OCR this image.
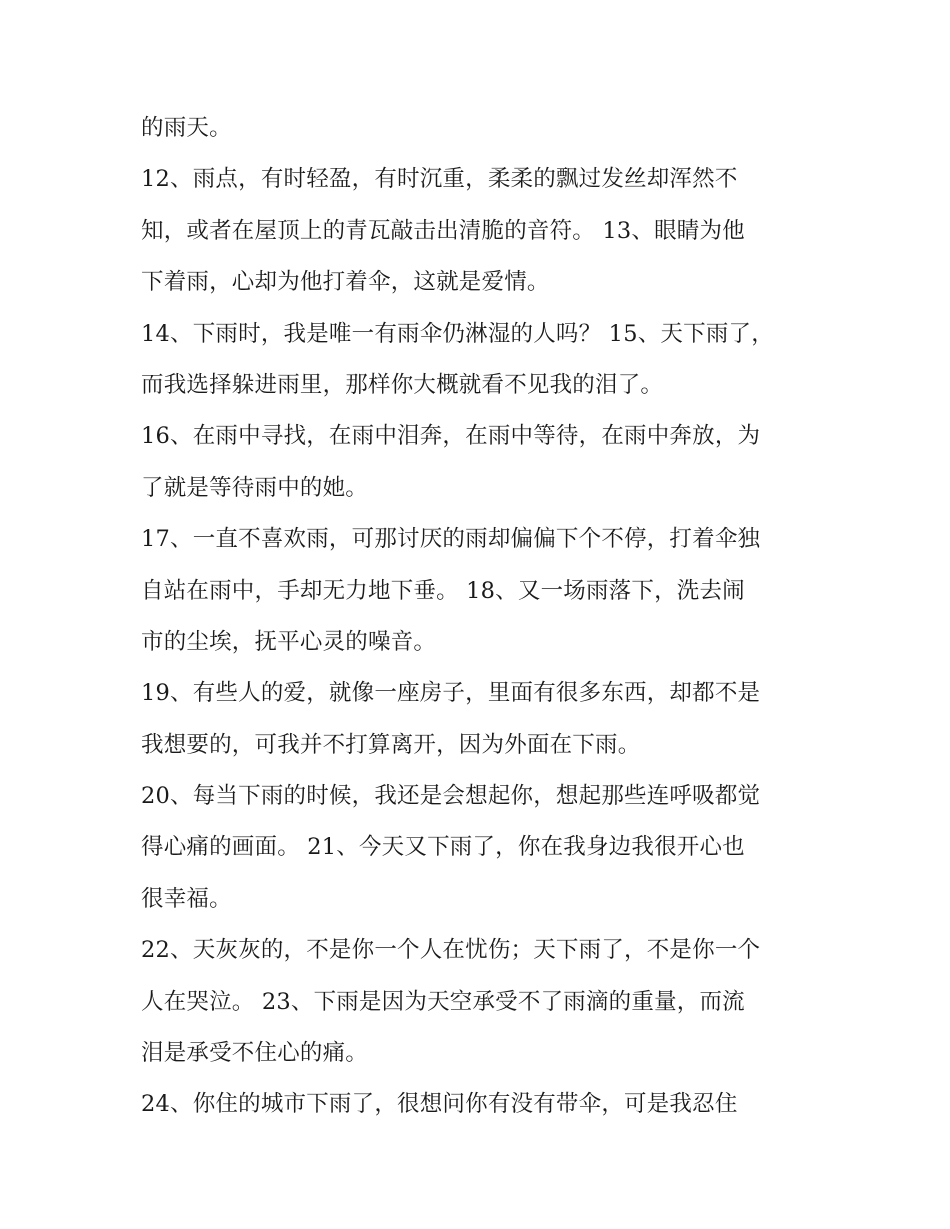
的雨天。
12、雨点，有时轻盈，有时沉重，柔柔的飘过发丝却浑然不
知，或者在屋顶上的青瓦敲击出清脆的音符。 13、眼睛为他
下着雨，心却为他打着伞，这就是爱情。
14、下雨时，我是唯一有雨伞仍淋湿的人吗？ 15、天下雨了，
而我选择躲进雨里，那样你大概就看不见我的泪了。
16、在雨中寻找，在雨中泪奔，在雨中等待，在雨中奔放，为
了就是等待雨中的她。
17、一直不喜欢雨，可那讨厌的雨却偏偏下个不停，打着伞独
自站在雨中，手却无力地下垂。 18、又一场雨落下，洗去闹
市的尘埃，抚平心灵的噪音。
19、有些人的爱，就像一座房子，里面有很多东西，却都不是
我想要的，可我并不打算离开，因为外面在下雨。
20、每当下雨的时候，我还是会想起你，想起那些连呼吸都觉
得心痛的画面。 21、今天又下雨了，你在我身边我很开心也
很幸福。
22、天灰灰的，不是你一个人在忧伤；天下雨了，不是你一个
人在哭泣。 23、下雨是因为天空承受不了雨滴的重量，而流
泪是承受不住心的痛。
24、你住的城市下雨了，很想问你有没有带伞，可是我忍住
